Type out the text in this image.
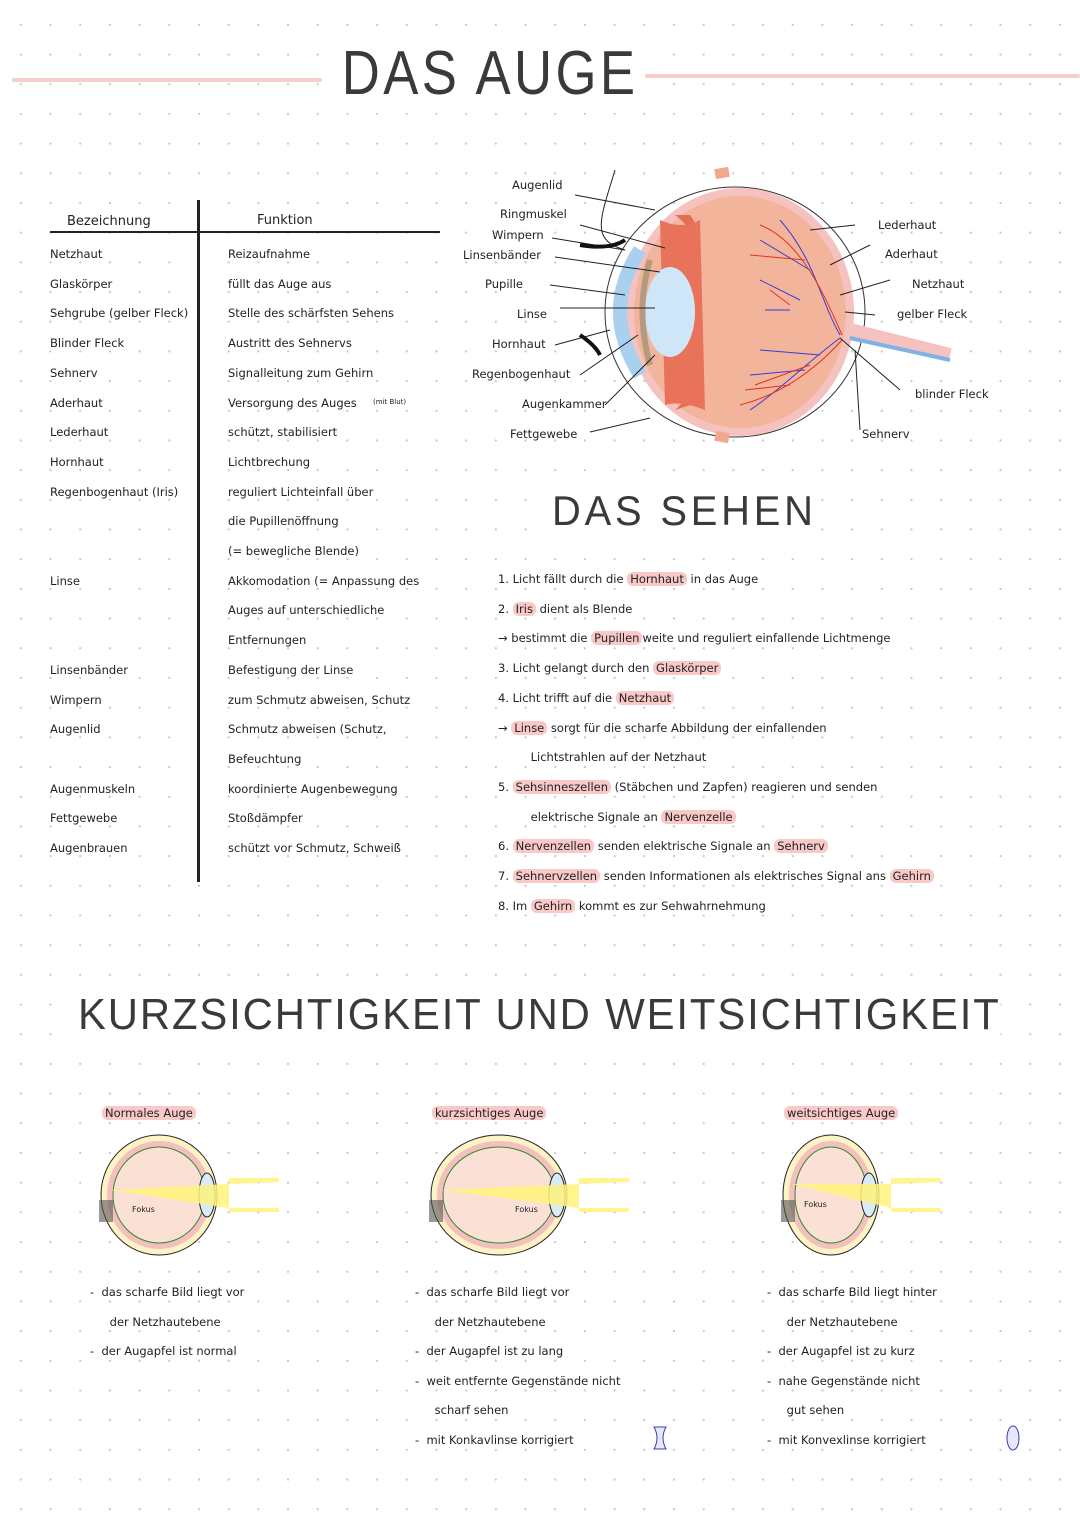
DAS AUGE
Bezeichnung	Funktion
Netzhaut	Reizaufnahme
Glaskörper	füllt das Auge aus
Sehgrube (gelber Fleck)	Stelle des schärfsten Sehens
Blinder Fleck	Austritt des Sehnervs
Sehnerv	Signalleitung zum Gehirn
Aderhaut	Versorgung des Auges (mit Blut)
Lederhaut	schützt, stabilisiert
Hornhaut	Lichtbrechung
Regenbogenhaut (Iris)	reguliert Lichteinfall über
die Pupillenöffnung
(= bewegliche Blende)
Linse	Akkomodation (= Anpassung des
Auges auf unterschiedliche
Entfernungen
Linsenbänder	Befestigung der Linse
Wimpern	zum Schmutz abweisen, Schutz
Augenlid	Schmutz abweisen (Schutz,
Befeuchtung
Augenmuskeln	koordinierte Augenbewegung
Fettgewebe	Stoßdämpfer
Augenbrauen	schützt vor Schmutz, Schweiß
Augenlid
Ringmuskel
Wimpern
Linsenbänder
Pupille
Linse
Hornhaut
Regenbogenhaut
Augenkammer
Fettgewebe
Lederhaut
Aderhaut
Netzhaut
gelber Fleck
blinder Fleck
Sehnerv
DAS SEHEN
1. Licht fällt durch die Hornhaut in das Auge
2. Iris dient als Blende
→ bestimmt die Pupillen weite und reguliert einfallende Lichtmenge
3. Licht gelangt durch den Glaskörper
4. Licht trifft auf die Netzhaut
→ Linse sorgt für die scharfe Abbildung der einfallenden
Lichtstrahlen auf der Netzhaut
5. Sehsinneszellen (Stäbchen und Zapfen) reagieren und senden
elektrische Signale an Nervenzelle
6. Nervenzellen senden elektrische Signale an Sehnerv
7. Sehnervzellen senden Informationen als elektrisches Signal ans Gehirn
8. Im Gehirn kommt es zur Sehwahrnehmung
KURZSICHTIGKEIT UND WEITSICHTIGKEIT
Normales Auge
Fokus
-  das scharfe Bild liegt vor
der Netzhautebene
-  der Augapfel ist normal
kurzsichtiges Auge
Fokus
-  das scharfe Bild liegt vor
der Netzhautebene
-  der Augapfel ist zu lang
-  weit entfernte Gegenstände nicht
scharf sehen
-  mit Konkavlinse korrigiert
weitsichtiges Auge
Fokus
-  das scharfe Bild liegt hinter
der Netzhautebene
-  der Augapfel ist zu kurz
-  nahe Gegenstände nicht
gut sehen
-  mit Konvexlinse korrigiert
